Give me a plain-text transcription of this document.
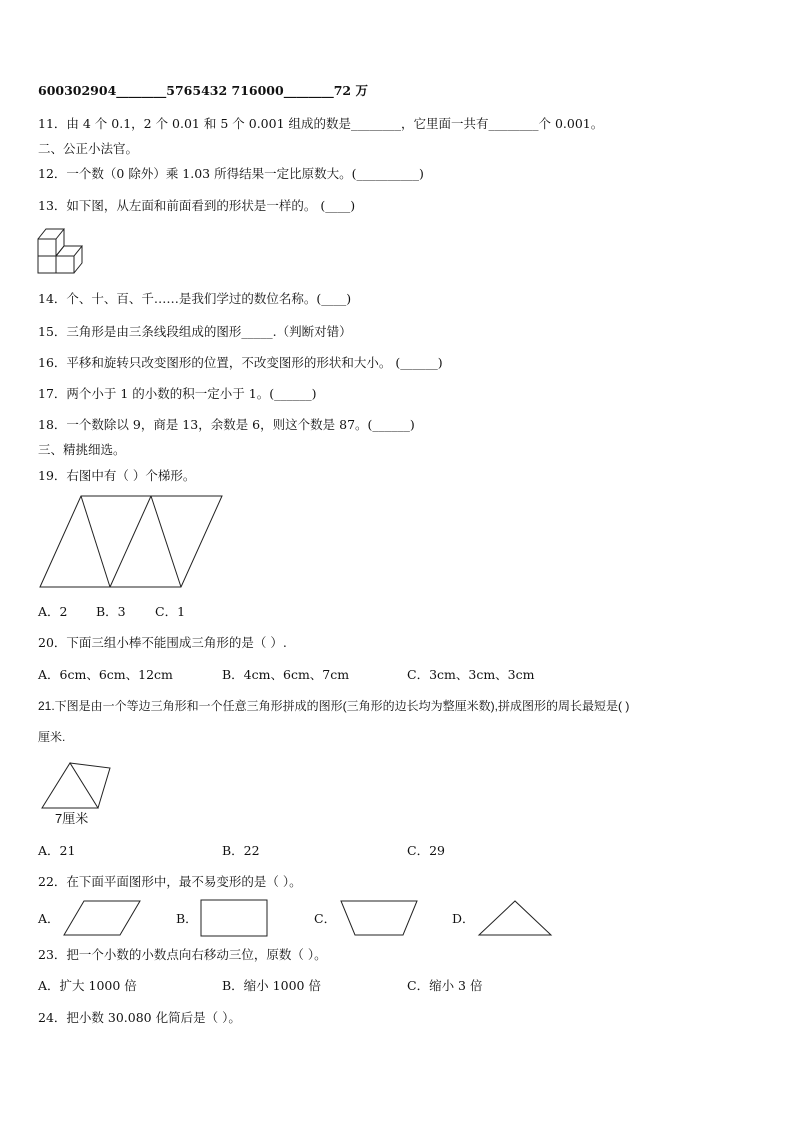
600302904________5765432 716000________72 万
11．由 4 个 0.1，2 个 0.01 和 5 个 0.001 组成的数是________，它里面一共有________个 0.001。
二、公正小法官。
12．一个数（0 除外）乘 1.03 所得结果一定比原数大。(__________)
13．如下图，从左面和前面看到的形状是一样的。 (____)
14．个、十、百、千……是我们学过的数位名称。(____)
15．三角形是由三条线段组成的图形_____.（判断对错）
16．平移和旋转只改变图形的位置，不改变图形的形状和大小。 (______)
17．两个小于 1 的小数的积一定小于 1。(______)
18．一个数除以 9，商是 13，余数是 6，则这个数是 87。(______)
三、精挑细选。
19．右图中有（ ）个梯形。
A．2 B．3 C．1
20．下面三组小棒不能围成三角形的是（ ）.
A．6cm、6cm、12cm	B．4cm、6cm、7cm	C．3cm、3cm、3cm
21.下图是由一个等边三角形和一个任意三角形拼成的图形(三角形的边长均为整厘米数),拼成图形的周长最短是( )
厘米.
7厘米
A．21	B．22	C．29
22．在下面平面图形中，最不易变形的是（ ）。
A．	B．	C．	D．
23．把一个小数的小数点向右移动三位，原数（ ）。
A．扩大 1000 倍	B．缩小 1000 倍	C．缩小 3 倍
24．把小数 30.080 化简后是（ ）。
